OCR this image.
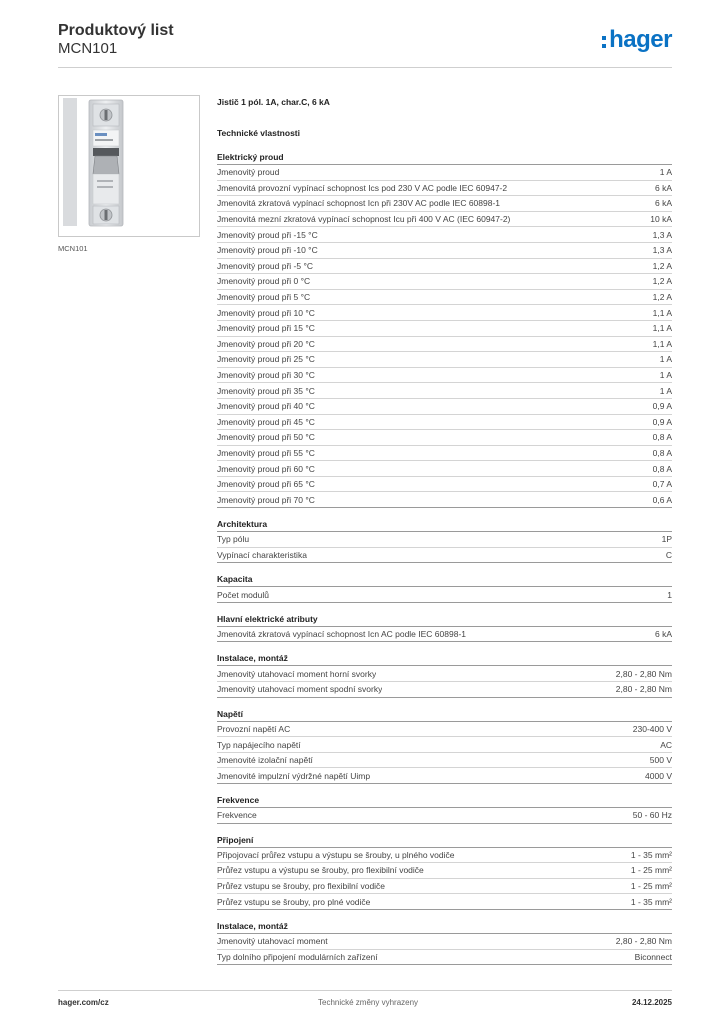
Produktový list
MCN101	hager
MCN101
Jistič 1 pól. 1A, char.C, 6 kA
Technické vlastnosti
Elektrický proud
Jmenovitý proud	1 A
Jmenovitá provozní vypínací schopnost Ics pod 230 V AC podle IEC 60947-2	6 kA
Jmenovitá zkratová vypínací schopnost Icn při 230V AC podle IEC 60898-1	6 kA
Jmenovitá mezní zkratová vypínací schopnost Icu při 400 V AC (IEC 60947-2)	10 kA
Jmenovitý proud při -15 °C	1,3 A
Jmenovitý proud při -10 °C	1,3 A
Jmenovitý proud při -5 °C	1,2 A
Jmenovitý proud při 0 °C	1,2 A
Jmenovitý proud při 5 °C	1,2 A
Jmenovitý proud při 10 °C	1,1 A
Jmenovitý proud při 15 °C	1,1 A
Jmenovitý proud při 20 °C	1,1 A
Jmenovitý proud při 25 °C	1 A
Jmenovitý proud při 30 °C	1 A
Jmenovitý proud při 35 °C	1 A
Jmenovitý proud při 40 °C	0,9 A
Jmenovitý proud při 45 °C	0,9 A
Jmenovitý proud při 50 °C	0,8 A
Jmenovitý proud při 55 °C	0,8 A
Jmenovitý proud při 60 °C	0,8 A
Jmenovitý proud při 65 °C	0,7 A
Jmenovitý proud při 70 °C	0,6 A
Architektura
Typ pólu	1P
Vypínací charakteristika	C
Kapacita
Počet modulů	1
Hlavní elektrické atributy
Jmenovitá zkratová vypínací schopnost Icn AC podle IEC 60898-1	6 kA
Instalace, montáž
Jmenovitý utahovací moment horní svorky	2,80 - 2,80 Nm
Jmenovitý utahovací moment spodní svorky	2,80 - 2,80 Nm
Napětí
Provozní napětí AC	230-400 V
Typ napájecího napětí	AC
Jmenovité izolační napětí	500 V
Jmenovité impulzní výdržné napětí Uimp	4000 V
Frekvence
Frekvence	50 - 60 Hz
Připojení
Připojovací průřez vstupu a výstupu se šrouby, u plného vodiče	1 - 35 mm²
Průřez vstupu a výstupu se šrouby, pro flexibilní vodiče	1 - 25 mm²
Průřez vstupu se šrouby, pro flexibilní vodiče	1 - 25 mm²
Průřez vstupu se šrouby, pro plné vodiče	1 - 35 mm²
Instalace, montáž
Jmenovitý utahovací moment	2,80 - 2,80 Nm
Typ dolního připojení modulárních zařízení	Biconnect
hager.com/cz	Technické změny vyhrazeny	24.12.2025
